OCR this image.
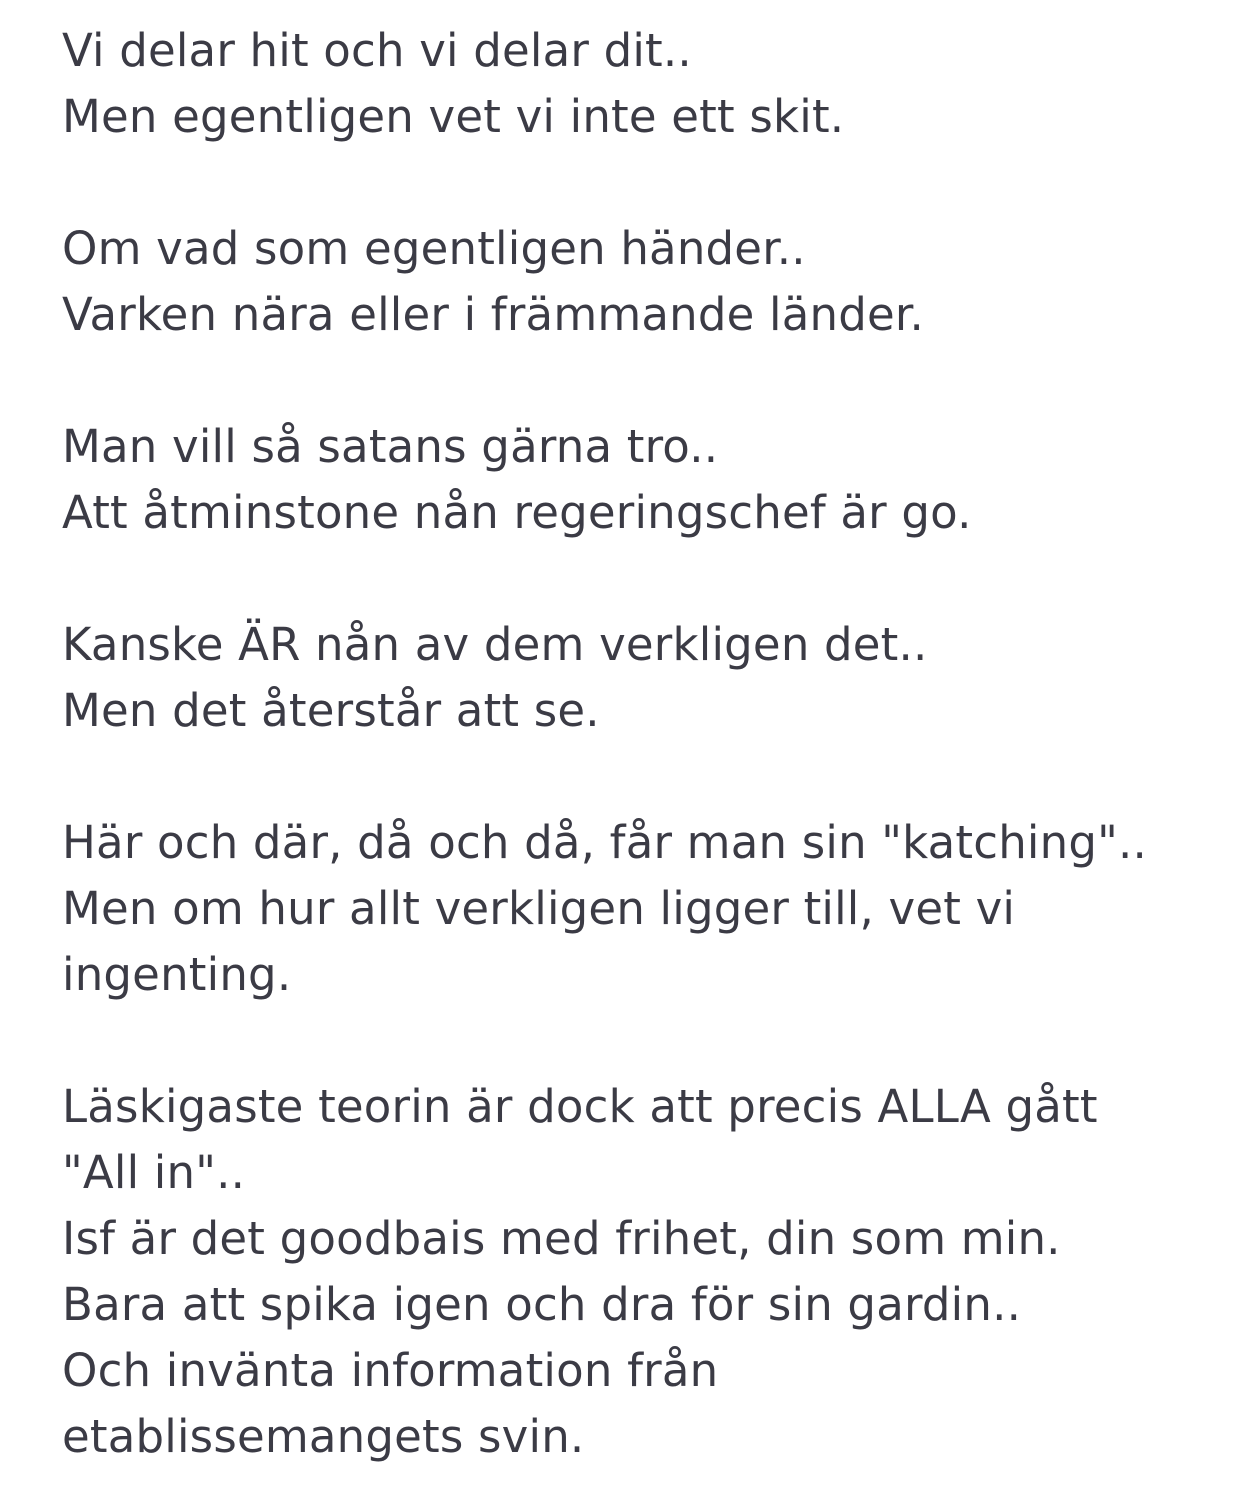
Vi delar hit och vi delar dit..
Men egentligen vet vi inte ett skit.
Om vad som egentligen händer..
Varken nära eller i främmande länder.
Man vill så satans gärna tro..
Att åtminstone nån regeringschef är go.
Kanske ÄR nån av dem verkligen det..
Men det återstår att se.
Här och där, då och då, får man sin "katching"..
Men om hur allt verkligen ligger till, vet vi
ingenting.
Läskigaste teorin är dock att precis ALLA gått
"All in"..
Isf är det goodbais med frihet, din som min.
Bara att spika igen och dra för sin gardin..
Och invänta information från
etablissemangets svin.
